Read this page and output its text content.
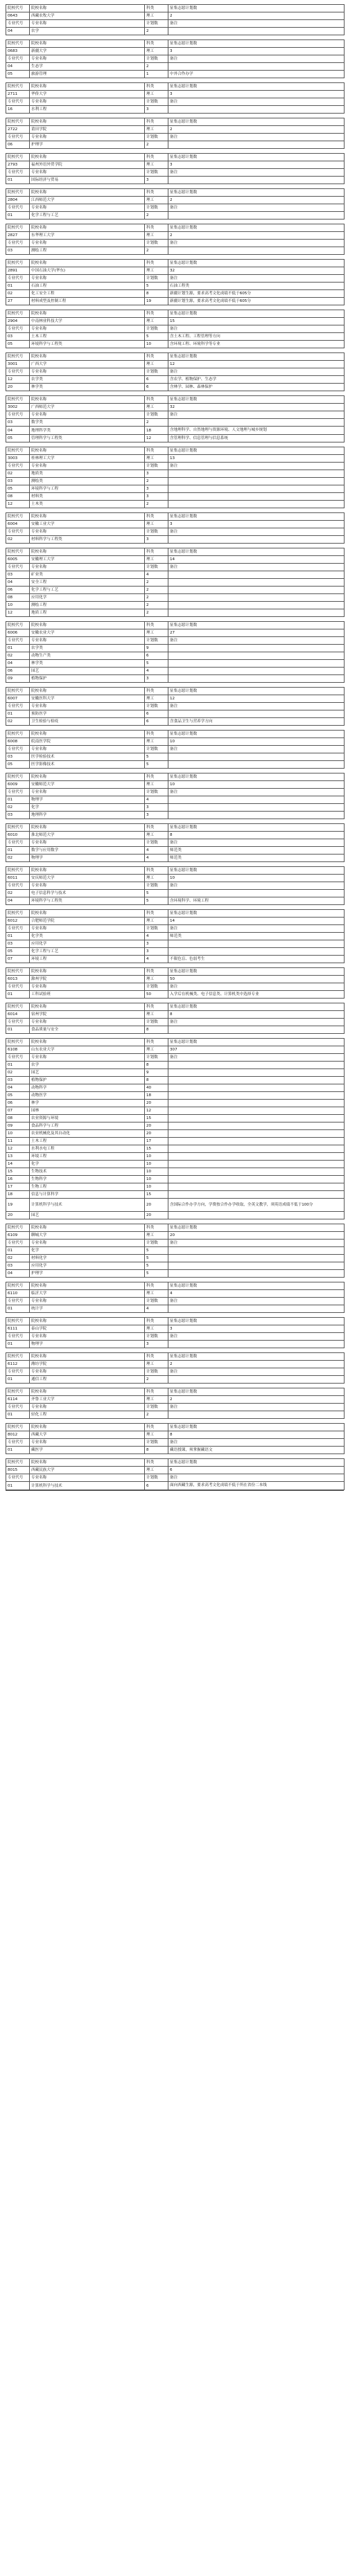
院校代号	院校名称	科类	征集志愿计划数
0643	西藏农牧大学	理工	2
专业代号	专业名称	计划数	备注
04	农学	2	

院校代号	院校名称	科类	征集志愿计划数
0683	新疆大学	理工	3
专业代号	专业名称	计划数	备注
04	生态学	2	
05	旅游管理	1	中外合作办学

院校代号	院校名称	科类	征集志愿计划数
2711	华侨大学	理工	3
专业代号	专业名称	计划数	备注
16	水利工程	3	

院校代号	院校名称	科类	征集志愿计划数
2722	莆田学院	理工	2
专业代号	专业名称	计划数	备注
06	护理学	2	

院校代号	院校名称	科类	征集志愿计划数
2793	福州外语外贸学院	理工	3
专业代号	专业名称	计划数	备注
01	国际经济与贸易	3	

院校代号	院校名称	科类	征集志愿计划数
2804	江西师范大学	理工	2
专业代号	专业名称	计划数	备注
01	化学工程与工艺	2	

院校代号	院校名称	科类	征集志愿计划数
2827	东华理工大学	理工	2
专业代号	专业名称	计划数	备注
03	测绘工程	2	

院校代号	院校名称	科类	征集志愿计划数
2891	中国石油大学(华东)	理工	32
专业代号	专业名称	计划数	备注
01	石油工程	5	石油工程类
02	化工安全工程	8	新疆计划生源，要求高考文化成绩不低于605分
27	材料成型及控制工程	19	新疆计划生源，要求高考文化成绩不低于605分

院校代号	院校名称	科类	征集志愿计划数
2904	中南林业科技大学	理工	15
专业代号	专业名称	计划数	备注
03	土木工程	5	含土木工程、工程管理等方向
05	环境科学与工程类	10	含环境工程、环境科学等专业

院校代号	院校名称	科类	征集志愿计划数
3001	广西大学	理工	12
专业代号	专业名称	计划数	备注
12	农学类	6	含农学、植物保护、生态学
20	林学类	6	含林学、园林、森林保护

院校代号	院校名称	科类	征集志愿计划数
3002	广西师范大学	理工	32
专业代号	专业名称	计划数	备注
03	数学类	2	
04	地理科学类	18	含地理科学、自然地理与资源环境、人文地理与城乡规划
05	管理科学与工程类	12	含管理科学、信息管理与信息系统

院校代号	院校名称	科类	征集志愿计划数
3003	桂林理工大学	理工	13
专业代号	专业名称	计划数	备注
02	地质类	3	
03	测绘类	2	
05	环境科学与工程	3	
08	材料类	3	
12	土木类	2	

院校代号	院校名称	科类	征集志愿计划数
6004	安徽工业大学	理工	3
专业代号	专业名称	计划数	备注
02	材料科学与工程类	3	

院校代号	院校名称	科类	征集志愿计划数
6005	安徽理工大学	理工	14
专业代号	专业名称	计划数	备注
03	矿业类	4	
04	安全工程	2	
06	化学工程与工艺	2	
08	应用化学	2	
10	测绘工程	2	
12	地质工程	2	

院校代号	院校名称	科类	征集志愿计划数
6006	安徽农业大学	理工	27
专业代号	专业名称	计划数	备注
01	农学类	9	
02	动物生产类	6	
04	林学类	5	
06	园艺	4	
09	植物保护	3	

院校代号	院校名称	科类	征集志愿计划数
6007	安徽医科大学	理工	12
专业代号	专业名称	计划数	备注
01	预防医学	6	
02	卫生检验与检疫	6	含食品卫生与营养学方向

院校代号	院校名称	科类	征集志愿计划数
6008	皖南医学院	理工	10
专业代号	专业名称	计划数	备注
03	医学检验技术	5	
05	医学影像技术	5	

院校代号	院校名称	科类	征集志愿计划数
6009	安徽师范大学	理工	10
专业代号	专业名称	计划数	备注
01	物理学	4	
02	化学	3	
03	地理科学	3	

院校代号	院校名称	科类	征集志愿计划数
6010	淮北师范大学	理工	8
专业代号	专业名称	计划数	备注
01	数学与应用数学	4	师范类
02	物理学	4	师范类

院校代号	院校名称	科类	征集志愿计划数
6011	安庆师范大学	理工	10
专业代号	专业名称	计划数	备注
02	电子信息科学与技术	5	
04	环境科学与工程类	5	含环境科学、环境工程

院校代号	院校名称	科类	征集志愿计划数
6012	合肥师范学院	理工	14
专业代号	专业名称	计划数	备注
01	化学类	4	师范类
03	应用化学	3	
05	化学工程与工艺	3	
07	环境工程	4	不限色盲、色弱考生

院校代号	院校名称	科类	征集志愿计划数
6013	滁州学院	理工	50
专业代号	专业名称	计划数	备注
01	工科试验班	50	入学后在机械类、电子信息类、计算机类中选择专业

院校代号	院校名称	科类	征集志愿计划数
6014	宿州学院	理工	8
专业代号	专业名称	计划数	备注
01	食品质量与安全	8	

院校代号	院校名称	科类	征集志愿计划数
6108	山东农业大学	理工	307
专业代号	专业名称	计划数	备注
01	农学	8	
02	园艺	9	
03	植物保护	8	
04	动物科学	40	
05	动物医学	18	
06	林学	20	
07	园林	12	
08	农业资源与环境	15	
09	食品科学与工程	20	
10	农业机械化及其自动化	20	
11	土木工程	17	
12	水利水电工程	15	
13	环境工程	10	
14	化学	10	
15	生物技术	10	
16	生物科学	10	
17	生物工程	10	
18	信息与计算科学	15	
19	计算机科学与技术	20	含国际合作办学方向，学费按合作办学收取，全英文教学，须英语成绩不低于100分
20	园艺	20	

院校代号	院校名称	科类	征集志愿计划数
6109	聊城大学	理工	20
专业代号	专业名称	计划数	备注
01	化学	5	
02	材料化学	5	
03	应用化学	5	
04	护理学	5	

院校代号	院校名称	科类	征集志愿计划数
6110	临沂大学	理工	4
专业代号	专业名称	计划数	备注
01	统计学	4	

院校代号	院校名称	科类	征集志愿计划数
6111	泰山学院	理工	3
专业代号	专业名称	计划数	备注
01	物理学	3	

院校代号	院校名称	科类	征集志愿计划数
6112	潍坊学院	理工	2
专业代号	专业名称	计划数	备注
01	通信工程	2	

院校代号	院校名称	科类	征集志愿计划数
6114	齐鲁工业大学	理工	2
专业代号	专业名称	计划数	备注
01	轻化工程	2	

院校代号	院校名称	科类	征集志愿计划数
8012	西藏大学	理工	8
专业代号	专业名称	计划数	备注
01	藏医学	8	藏语授课，须掌握藏语文

院校代号	院校名称	科类	征集志愿计划数
8015	西藏民族大学	理工	6
专业代号	专业名称	计划数	备注
01	计算机科学与技术	6	面向西藏生源，要求高考文化成绩不低于所在省份二本线
